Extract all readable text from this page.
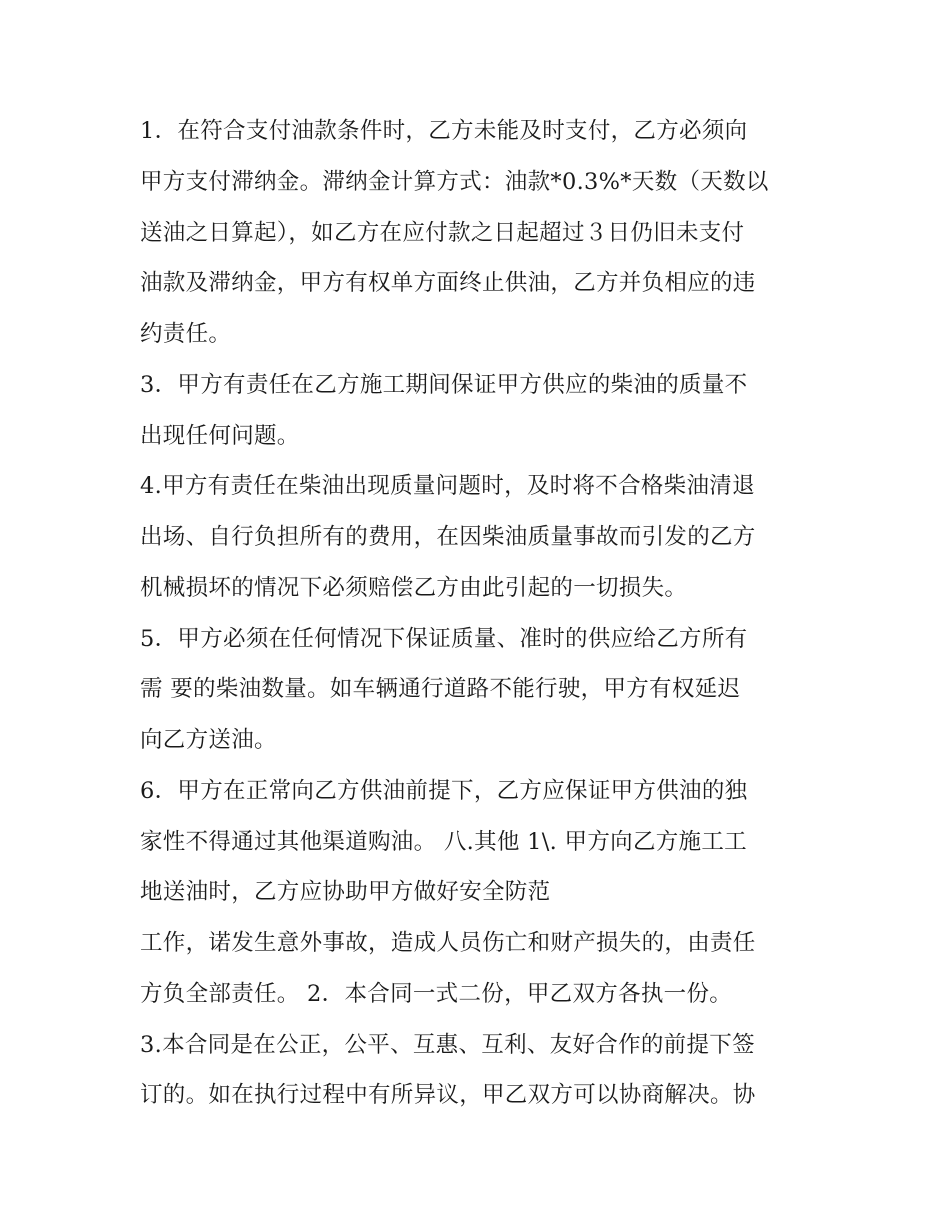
1．在符合支付油款条件时，乙方未能及时支付，乙方必须向
甲方支付滞纳金。滞纳金计算方式：油款*0.3%*天数（天数以
送油之日算起），如乙方在应付款之日起超过３日仍旧未支付
油款及滞纳金，甲方有权单方面终止供油，乙方并负相应的违
约责任。
3．甲方有责任在乙方施工期间保证甲方供应的柴油的质量不
出现任何问题。
4.甲方有责任在柴油出现质量问题时，及时将不合格柴油清退
出场、自行负担所有的费用，在因柴油质量事故而引发的乙方
机械损坏的情况下必须赔偿乙方由此引起的一切损失。
5．甲方必须在任何情况下保证质量、准时的供应给乙方所有
需 要的柴油数量。如车辆通行道路不能行驶，甲方有权延迟
向乙方送油。
6．甲方在正常向乙方供油前提下，乙方应保证甲方供油的独
家性不得通过其他渠道购油。 八.其他 1\. 甲方向乙方施工工
地送油时，乙方应协助甲方做好安全防范
工作，诺发生意外事故，造成人员伤亡和财产损失的，由责任
方负全部责任。 2．本合同一式二份，甲乙双方各执一份。
3.本合同是在公正，公平、互惠、互利、友好合作的前提下签
订的。如在执行过程中有所异议，甲乙双方可以协商解决。协
